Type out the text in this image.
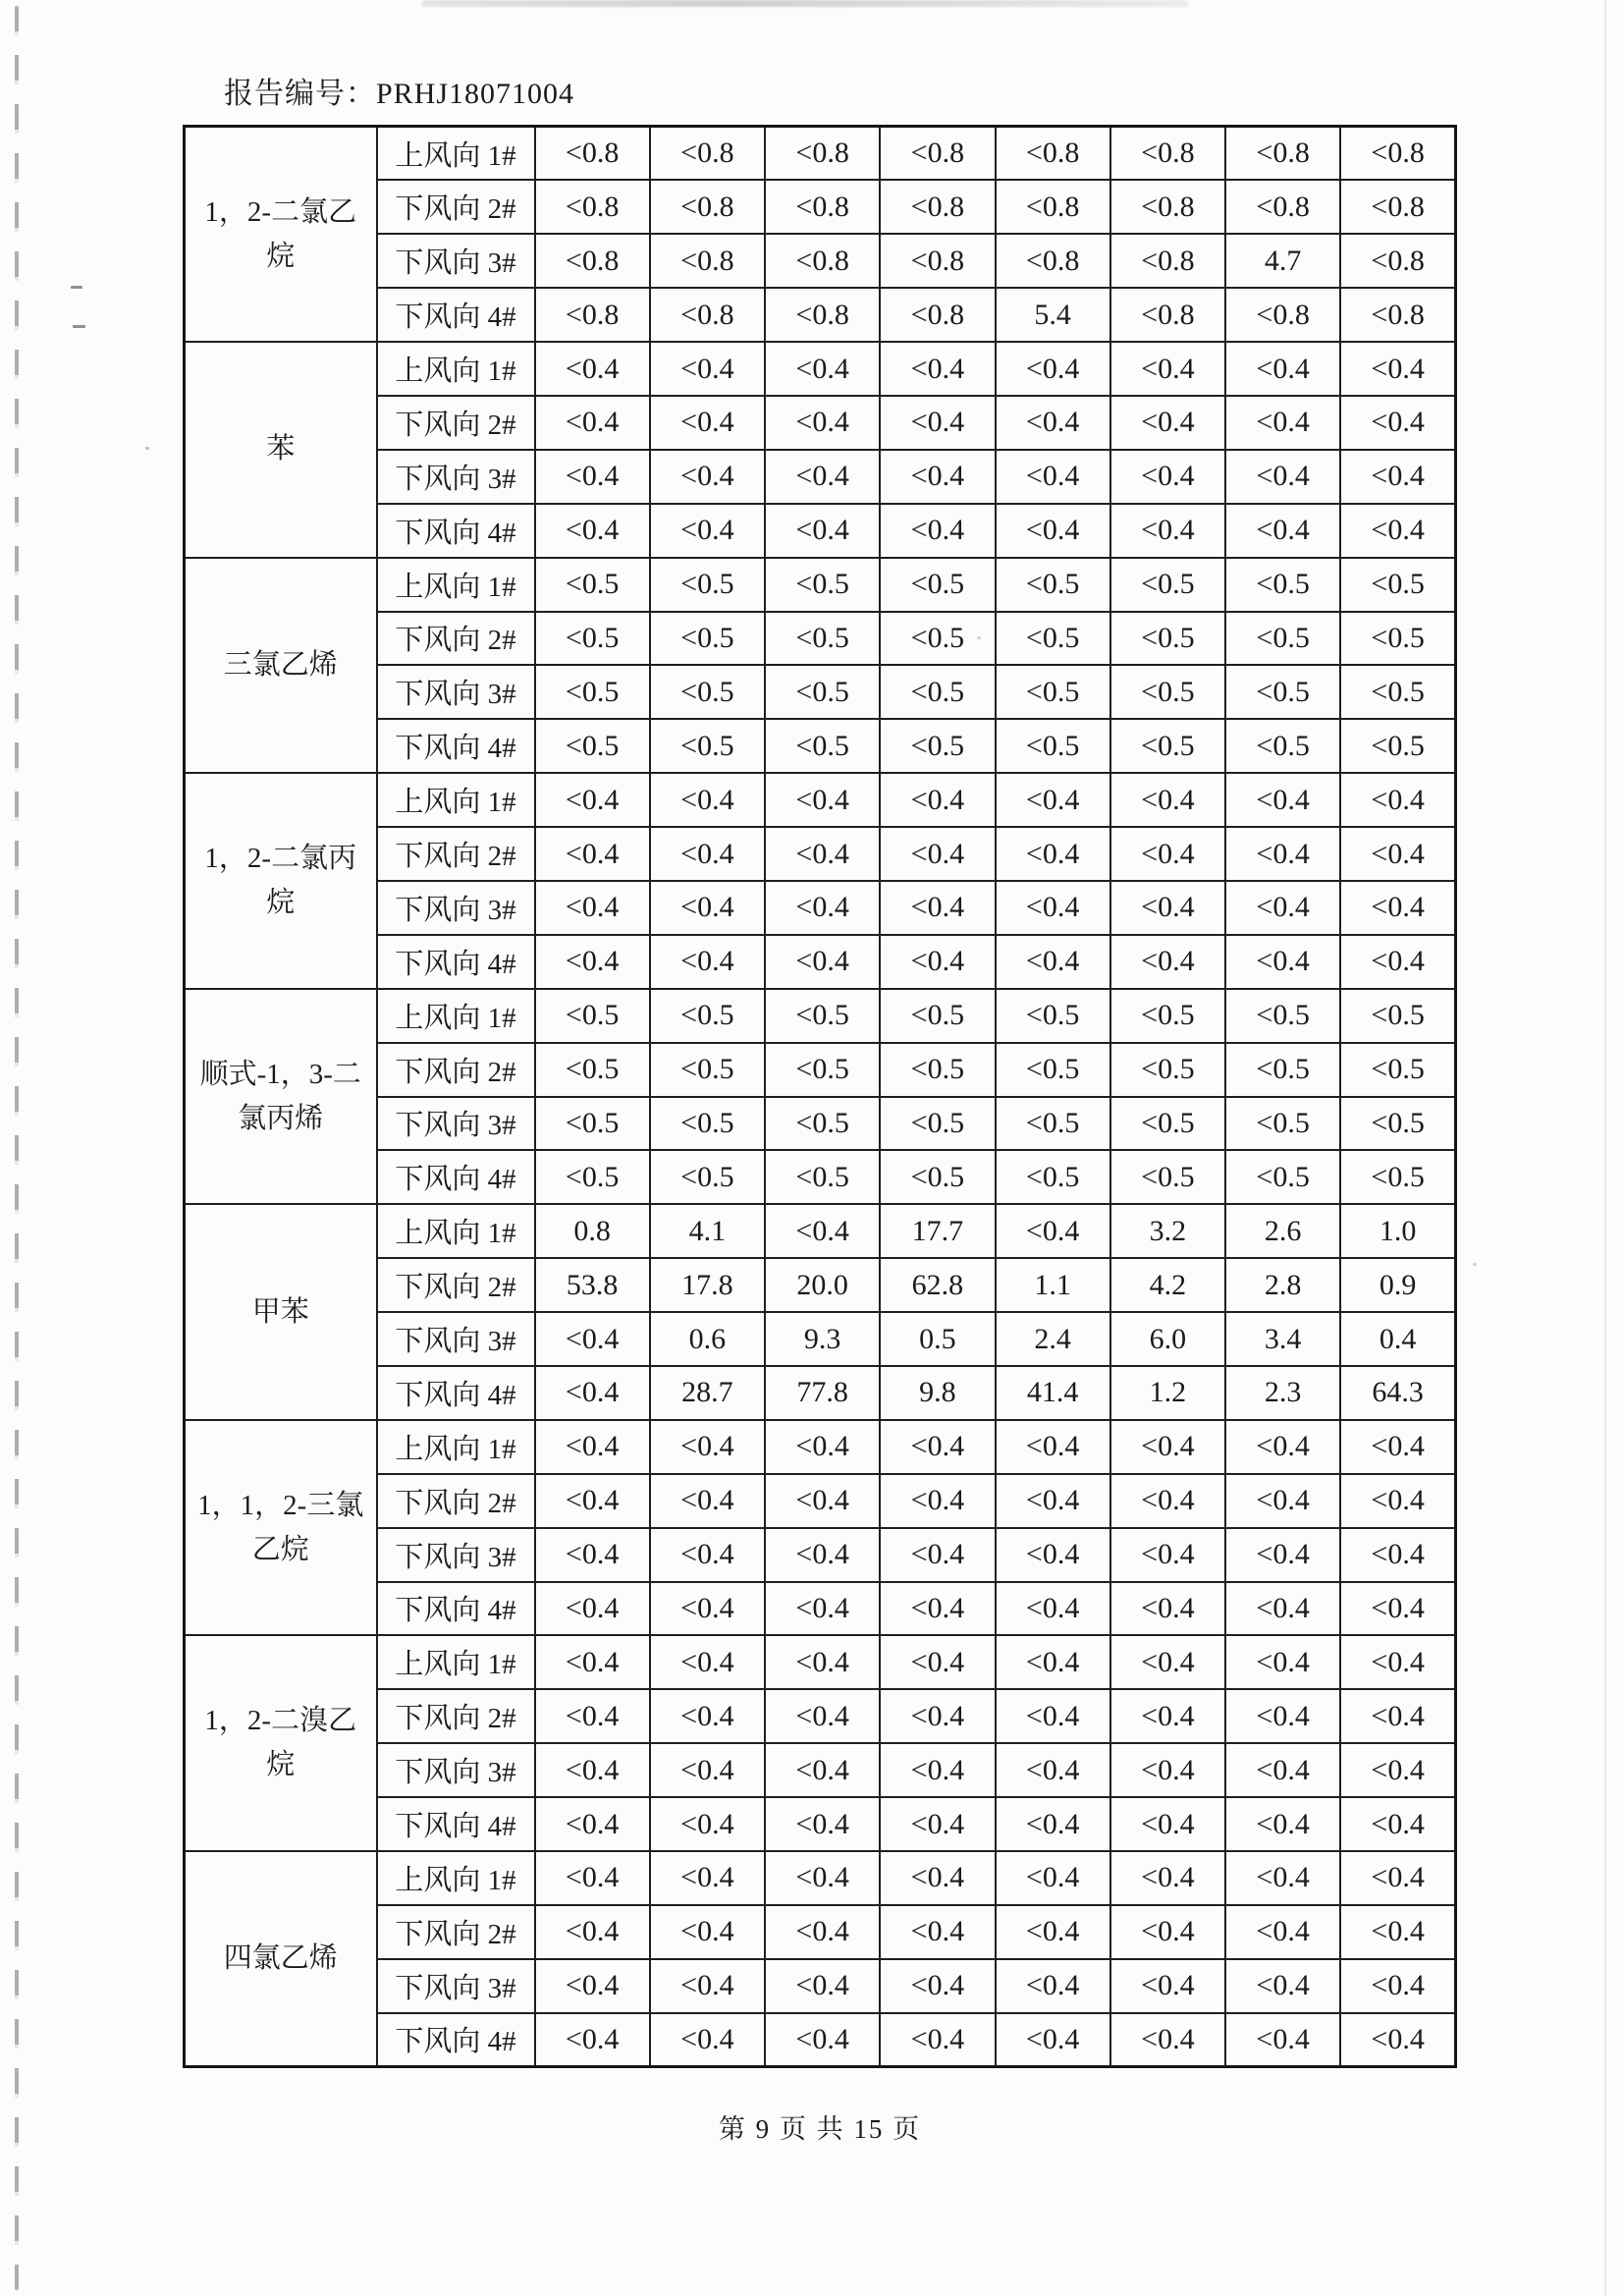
报告编号：PRHJ18071004
1，2-二氯乙烷	上风向 1#	<0.8	<0.8	<0.8	<0.8	<0.8	<0.8	<0.8	<0.8
	下风向 2#	<0.8	<0.8	<0.8	<0.8	<0.8	<0.8	<0.8	<0.8
	下风向 3#	<0.8	<0.8	<0.8	<0.8	<0.8	<0.8	4.7	<0.8
	下风向 4#	<0.8	<0.8	<0.8	<0.8	5.4	<0.8	<0.8	<0.8
苯	上风向 1#	<0.4	<0.4	<0.4	<0.4	<0.4	<0.4	<0.4	<0.4
	下风向 2#	<0.4	<0.4	<0.4	<0.4	<0.4	<0.4	<0.4	<0.4
	下风向 3#	<0.4	<0.4	<0.4	<0.4	<0.4	<0.4	<0.4	<0.4
	下风向 4#	<0.4	<0.4	<0.4	<0.4	<0.4	<0.4	<0.4	<0.4
三氯乙烯	上风向 1#	<0.5	<0.5	<0.5	<0.5	<0.5	<0.5	<0.5	<0.5
	下风向 2#	<0.5	<0.5	<0.5	<0.5	<0.5	<0.5	<0.5	<0.5
	下风向 3#	<0.5	<0.5	<0.5	<0.5	<0.5	<0.5	<0.5	<0.5
	下风向 4#	<0.5	<0.5	<0.5	<0.5	<0.5	<0.5	<0.5	<0.5
1，2-二氯丙烷	上风向 1#	<0.4	<0.4	<0.4	<0.4	<0.4	<0.4	<0.4	<0.4
	下风向 2#	<0.4	<0.4	<0.4	<0.4	<0.4	<0.4	<0.4	<0.4
	下风向 3#	<0.4	<0.4	<0.4	<0.4	<0.4	<0.4	<0.4	<0.4
	下风向 4#	<0.4	<0.4	<0.4	<0.4	<0.4	<0.4	<0.4	<0.4
顺式-1，3-二氯丙烯	上风向 1#	<0.5	<0.5	<0.5	<0.5	<0.5	<0.5	<0.5	<0.5
	下风向 2#	<0.5	<0.5	<0.5	<0.5	<0.5	<0.5	<0.5	<0.5
	下风向 3#	<0.5	<0.5	<0.5	<0.5	<0.5	<0.5	<0.5	<0.5
	下风向 4#	<0.5	<0.5	<0.5	<0.5	<0.5	<0.5	<0.5	<0.5
甲苯	上风向 1#	0.8	4.1	<0.4	17.7	<0.4	3.2	2.6	1.0
	下风向 2#	53.8	17.8	20.0	62.8	1.1	4.2	2.8	0.9
	下风向 3#	<0.4	0.6	9.3	0.5	2.4	6.0	3.4	0.4
	下风向 4#	<0.4	28.7	77.8	9.8	41.4	1.2	2.3	64.3
1，1，2-三氯乙烷	上风向 1#	<0.4	<0.4	<0.4	<0.4	<0.4	<0.4	<0.4	<0.4
	下风向 2#	<0.4	<0.4	<0.4	<0.4	<0.4	<0.4	<0.4	<0.4
	下风向 3#	<0.4	<0.4	<0.4	<0.4	<0.4	<0.4	<0.4	<0.4
	下风向 4#	<0.4	<0.4	<0.4	<0.4	<0.4	<0.4	<0.4	<0.4
1，2-二溴乙烷	上风向 1#	<0.4	<0.4	<0.4	<0.4	<0.4	<0.4	<0.4	<0.4
	下风向 2#	<0.4	<0.4	<0.4	<0.4	<0.4	<0.4	<0.4	<0.4
	下风向 3#	<0.4	<0.4	<0.4	<0.4	<0.4	<0.4	<0.4	<0.4
	下风向 4#	<0.4	<0.4	<0.4	<0.4	<0.4	<0.4	<0.4	<0.4
四氯乙烯	上风向 1#	<0.4	<0.4	<0.4	<0.4	<0.4	<0.4	<0.4	<0.4
	下风向 2#	<0.4	<0.4	<0.4	<0.4	<0.4	<0.4	<0.4	<0.4
	下风向 3#	<0.4	<0.4	<0.4	<0.4	<0.4	<0.4	<0.4	<0.4
	下风向 4#	<0.4	<0.4	<0.4	<0.4	<0.4	<0.4	<0.4	<0.4
第 9 页 共 15 页
